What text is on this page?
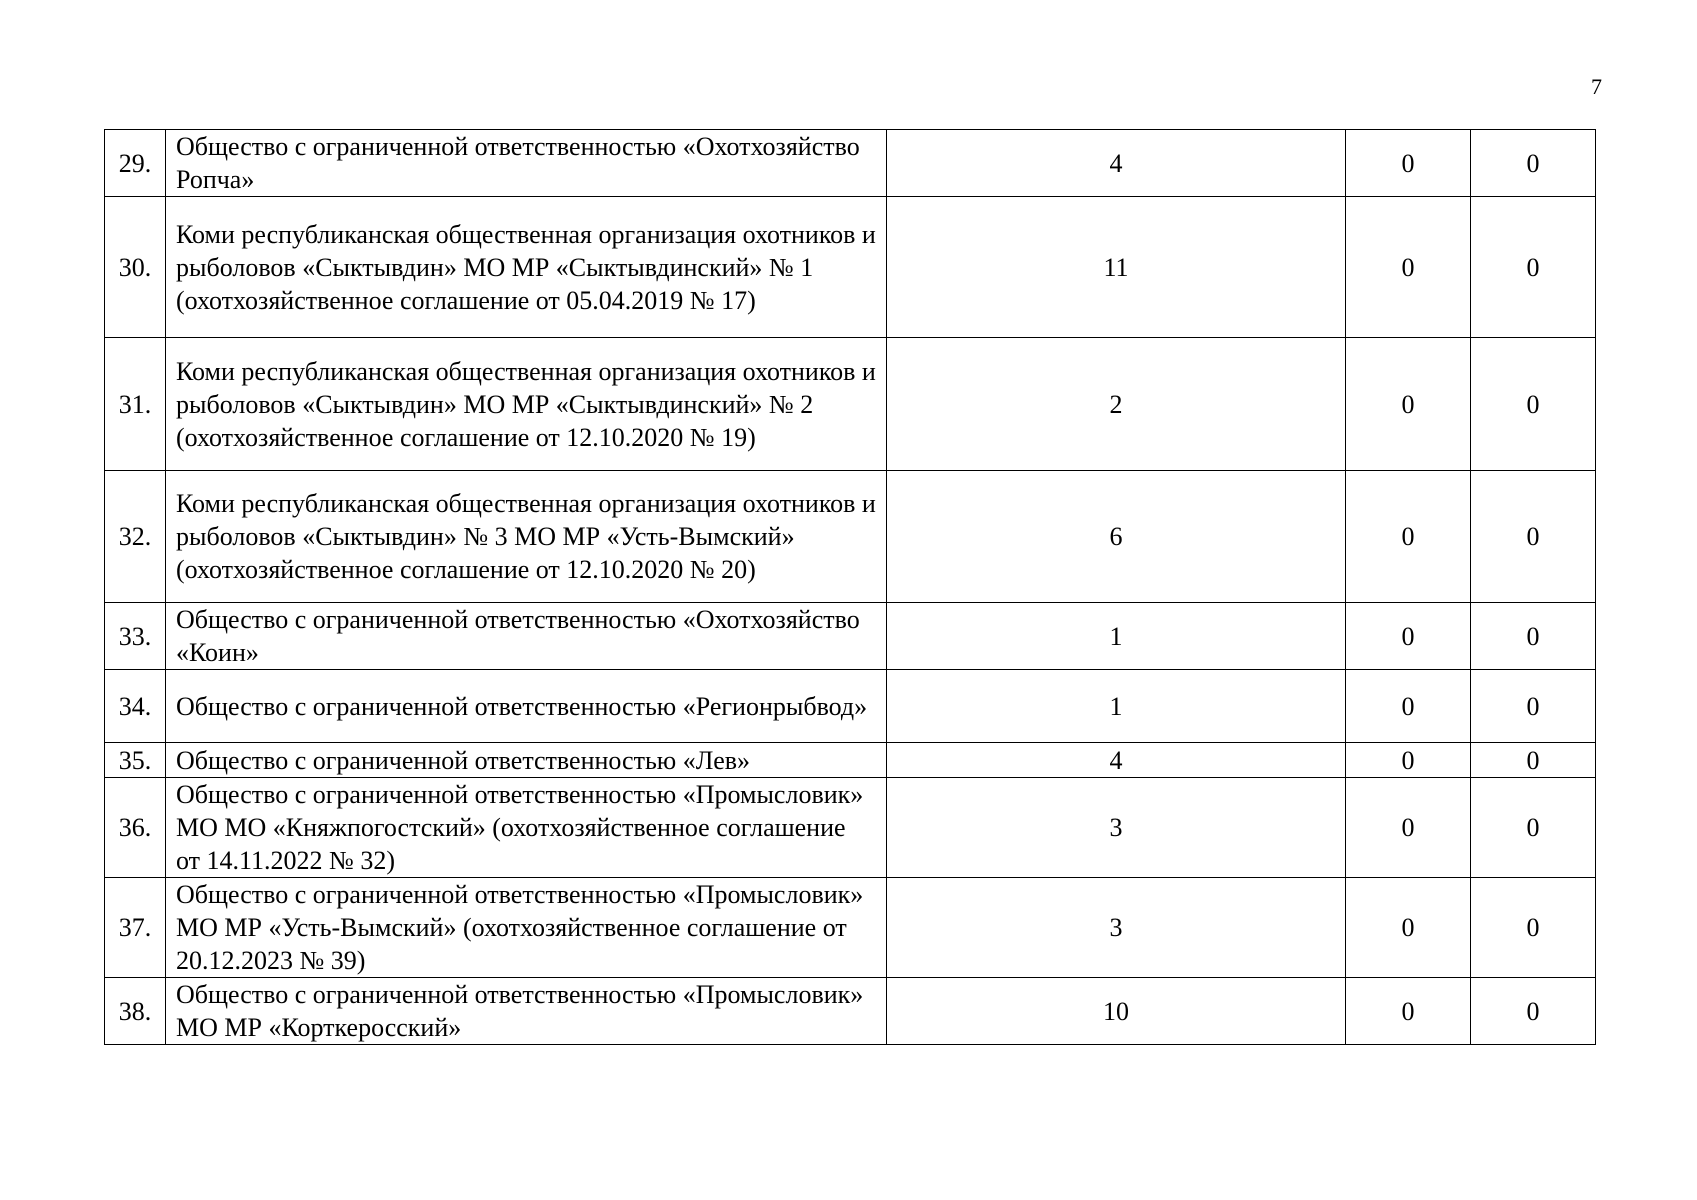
7
29.	Общество с ограниченной ответственностью «Охотхозяйство Ропча»	4	0	0
30.	Коми республиканская общественная организация охотников и рыболовов «Сыктывдин» МО МР «Сыктывдинский» № 1 (охотхозяйственное соглашение от 05.04.2019 № 17)	11	0	0
31.	Коми республиканская общественная организация охотников и рыболовов «Сыктывдин» МО МР «Сыктывдинский» № 2 (охотхозяйственное соглашение от 12.10.2020 № 19)	2	0	0
32.	Коми республиканская общественная организация охотников и рыболовов «Сыктывдин» № 3 МО МР «Усть-Вымский» (охотхозяйственное соглашение от 12.10.2020 № 20)	6	0	0
33.	Общество с ограниченной ответственностью «Охотхозяйство «Коин»	1	0	0
34.	Общество с ограниченной ответственностью «Регионрыбвод»	1	0	0
35.	Общество с ограниченной ответственностью «Лев»	4	0	0
36.	Общество с ограниченной ответственностью «Промысловик» МО МО «Княжпогостский» (охотхозяйственное соглашение от 14.11.2022 № 32)	3	0	0
37.	Общество с ограниченной ответственностью «Промысловик» МО МР «Усть-Вымский» (охотхозяйственное соглашение от 20.12.2023 № 39)	3	0	0
38.	Общество с ограниченной ответственностью «Промысловик» МО МР «Корткеросский»	10	0	0
